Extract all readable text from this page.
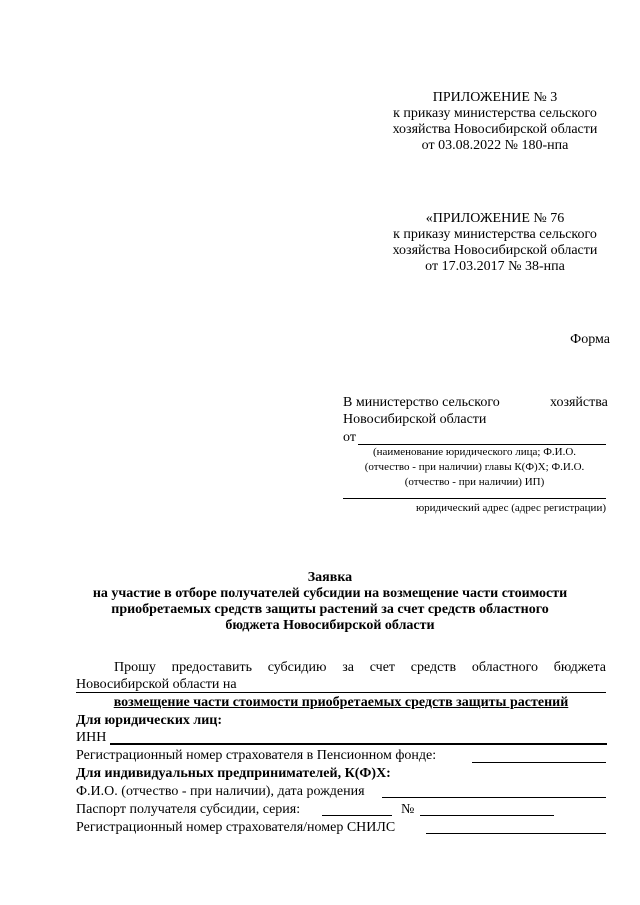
ПРИЛОЖЕНИЕ № 3
к приказу министерства сельского
хозяйства Новосибирской области
от 03.08.2022 № 180-нпа
«ПРИЛОЖЕНИЕ № 76
к приказу министерства сельского
хозяйства Новосибирской области
от 17.03.2017 № 38-нпа
Форма
В министерство сельского	хозяйства
Новосибирской области
от
(наименование юридического лица; Ф.И.О.
(отчество - при наличии) главы К(Ф)Х; Ф.И.О.
(отчество - при наличии) ИП)
юридический адрес (адрес регистрации)
Заявка
на участие в отборе получателей субсидии на возмещение части стоимости
приобретаемых средств защиты растений за счет средств областного
бюджета Новосибирской области
Прошу предоставить субсидию за счет средств областного бюджета
Новосибирской области на
возмещение части стоимости приобретаемых средств защиты растений
Для юридических лиц:
ИНН
Регистрационный номер страхователя в Пенсионном фонде:
Для индивидуальных предпринимателей, К(Ф)Х:
Ф.И.О. (отчество - при наличии), дата рождения
Паспорт получателя субсидии, серия:	№
Регистрационный номер страхователя/номер СНИЛС
